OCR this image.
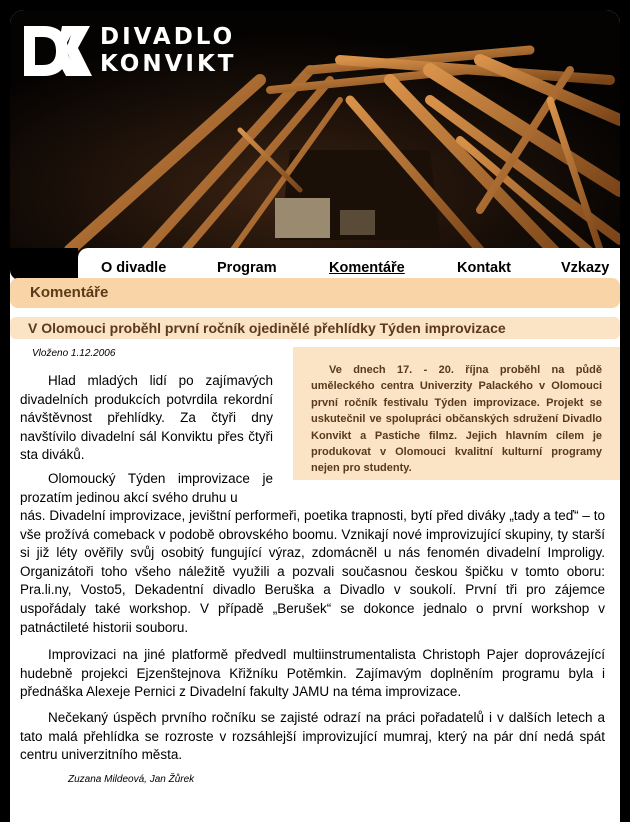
DIVADLO
KONVIKT
O divadle	Program	Komentáře	Kontakt	Vzkazy
Komentáře
V Olomouci proběhl první ročník ojedinělé přehlídky Týden improvizace
Vloženo 1.12.2006
Ve dnech 17. - 20. října proběhl na půdě uměleckého centra Univerzity Palackého v Olomouci první ročník festivalu Týden improvizace. Projekt se uskutečnil ve spolupráci občanských sdružení Divadlo Konvikt a Pastiche filmz. Jejich hlavním cílem je produkovat v Olomouci kvalitní kulturní programy nejen pro studenty.

Hlad mladých lidí po zajímavých divadelních produkcích potvrdila rekordní návštěvnost přehlídky. Za čtyři dny navštívilo divadelní sál Konviktu přes čtyři sta diváků.

Olomoucký Týden improvizace je prozatím jedinou akcí svého druhu u

nás. Divadelní improvizace, jevištní performeři, poetika trapnosti, bytí před diváky „tady a teď“ – to vše prožívá comeback v podobě obrovského boomu. Vznikají nové improvizující skupiny, ty starší si již léty ověřily svůj osobitý fungující výraz, zdomácněl u nás fenomén divadelní Improligy. Organizátoři toho všeho náležitě využili a pozvali současnou českou špičku v tomto oboru: Pra.li.ny, Vosto5, Dekadentní divadlo Beruška a Divadlo v soukolí. První tři pro zájemce uspořádaly také workshop. V případě „Berušek“ se dokonce jednalo o první workshop v patnáctileté historii souboru.

Improvizaci na jiné platformě předvedl multiinstrumentalista Christoph Pajer doprovázející hudebně projekci Ejzenštejnova Křižníku Potěmkin. Zajímavým doplněním programu byla i přednáška Alexeje Pernici z Divadelní fakulty JAMU na téma improvizace.

Nečekaný úspěch prvního ročníku se zajisté odrazí na práci pořadatelů i v dalších letech a tato malá přehlídka se rozroste v rozsáhlejší improvizující mumraj, který na pár dní nedá spát centru univerzitního města.

Zuzana Mildeová, Jan Žůrek
